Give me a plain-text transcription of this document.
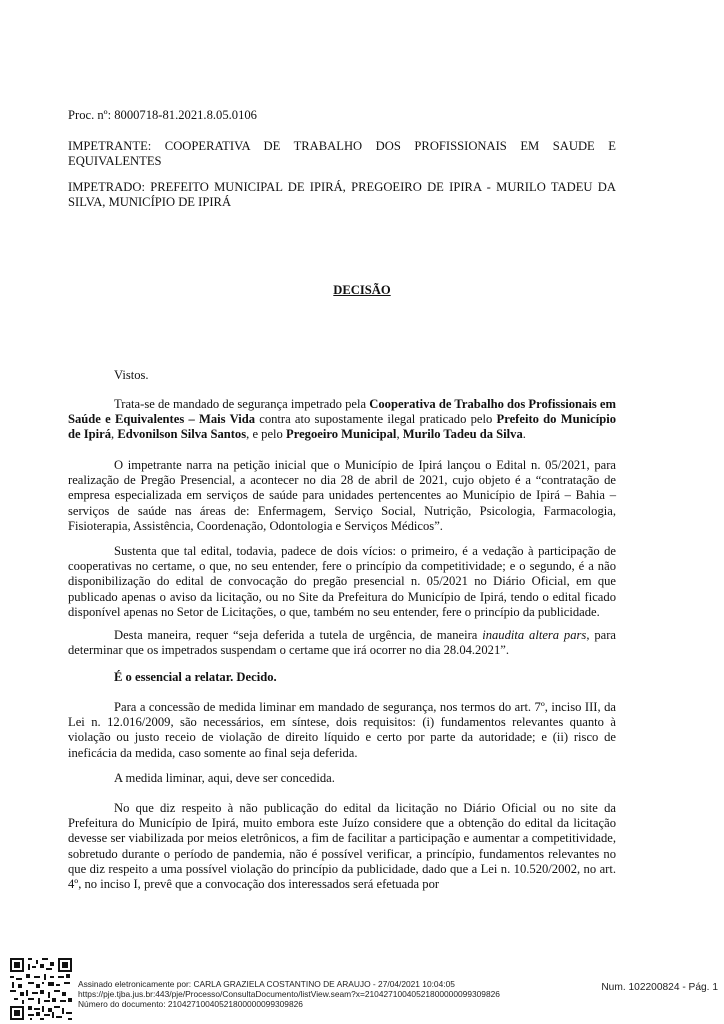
Proc. nº: 8000718-81.2021.8.05.0106
IMPETRANTE: COOPERATIVA DE TRABALHO DOS PROFISSIONAIS EM SAUDE E EQUIVALENTES
IMPETRADO: PREFEITO MUNICIPAL DE IPIRÁ, PREGOEIRO DE IPIRA - MURILO TADEU DA SILVA, MUNICÍPIO DE IPIRÁ
DECISÃO
Vistos.
Trata-se de mandado de segurança impetrado pela Cooperativa de Trabalho dos Profissionais em Saúde e Equivalentes – Mais Vida contra ato supostamente ilegal praticado pelo Prefeito do Município de Ipirá, Edvonilson Silva Santos, e pelo Pregoeiro Municipal, Murilo Tadeu da Silva.
O impetrante narra na petição inicial que o Município de Ipirá lançou o Edital n. 05/2021, para realização de Pregão Presencial, a acontecer no dia 28 de abril de 2021, cujo objeto é a “contratação de empresa especializada em serviços de saúde para unidades pertencentes ao Município de Ipirá – Bahia – serviços de saúde nas áreas de: Enfermagem, Serviço Social, Nutrição, Psicologia, Farmacologia, Fisioterapia, Assistência, Coordenação, Odontologia e Serviços Médicos”.
Sustenta que tal edital, todavia, padece de dois vícios: o primeiro, é a vedação à participação de cooperativas no certame, o que, no seu entender, fere o princípio da competitividade; e o segundo, é a não disponibilização do edital de convocação do pregão presencial n. 05/2021 no Diário Oficial, em que publicado apenas o aviso da licitação, ou no Site da Prefeitura do Município de Ipirá, tendo o edital ficado disponível apenas no Setor de Licitações, o que, também no seu entender, fere o princípio da publicidade.
Desta maneira, requer “seja deferida a tutela de urgência, de maneira inaudita altera pars, para determinar que os impetrados suspendam o certame que irá ocorrer no dia 28.04.2021”.
É o essencial a relatar. Decido.
Para a concessão de medida liminar em mandado de segurança, nos termos do art. 7º, inciso III, da Lei n. 12.016/2009, são necessários, em síntese, dois requisitos: (i) fundamentos relevantes quanto à violação ou justo receio de violação de direito líquido e certo por parte da autoridade; e (ii) risco de ineficácia da medida, caso somente ao final seja deferida.
A medida liminar, aqui, deve ser concedida.
No que diz respeito à não publicação do edital da licitação no Diário Oficial ou no site da Prefeitura do Município de Ipirá, muito embora este Juízo considere que a obtenção do edital da licitação devesse ser viabilizada por meios eletrônicos, a fim de facilitar a participação e aumentar a competitividade, sobretudo durante o período de pandemia, não é possível verificar, a princípio, fundamentos relevantes no que diz respeito a uma possível violação do princípio da publicidade, dado que a Lei n. 10.520/2002, no art. 4º, no inciso I, prevê que a convocação dos interessados será efetuada por
Assinado eletronicamente por: CARLA GRAZIELA COSTANTINO DE ARAUJO - 27/04/2021 10:04:05
https://pje.tjba.jus.br:443/pje/Processo/ConsultaDocumento/listView.seam?x=21042710040521800000099309826
Número do documento: 21042710040521800000099309826
Num. 102200824 - Pág. 1
